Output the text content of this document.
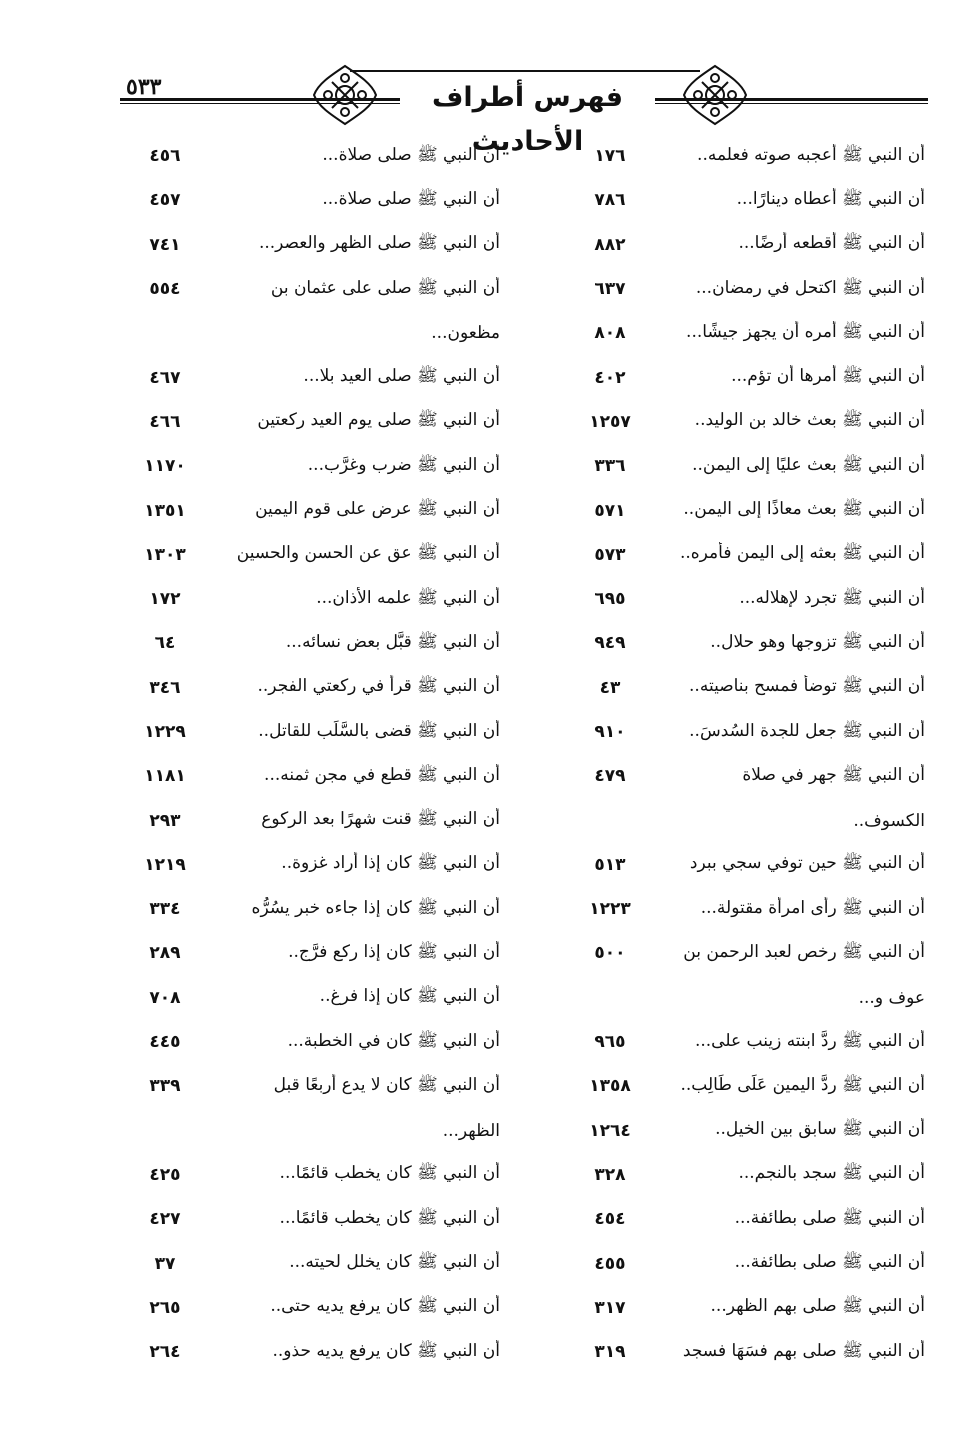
٥٣٣	فهرس أطراف الأحاديث	أن النبي ﷺ أعجبه صوته فعلمه..
١٧٦
أن النبي ﷺ أعطاه دينارًا...
٧٨٦
أن النبي ﷺ أقطعه أرضًا...
٨٨٢
أن النبي ﷺ اكتحل في رمضان...
٦٣٧
أن النبي ﷺ أمره أن يجهز جيشًا...
٨٠٨
أن النبي ﷺ أمرها أن تؤم...
٤٠٢
أن النبي ﷺ بعث خالد بن الوليد..
١٢٥٧
أن النبي ﷺ بعث عليًا إلى اليمن..
٣٣٦
أن النبي ﷺ بعث معاذًا إلى اليمن..
٥٧١
أن النبي ﷺ بعثه إلى اليمن فأمره..
٥٧٣
أن النبي ﷺ تجرد لإهلاله...
٦٩٥
أن النبي ﷺ تزوجها وهو حلال..
٩٤٩
أن النبي ﷺ توضأ فمسح بناصيته..
٤٣
أن النبي ﷺ جعل للجدة السُدسَ..
٩١٠
أن النبي ﷺ جهر في صلاة
٤٧٩
الكسوف..
أن النبي ﷺ حين توفي سجي ببرد
٥١٣
أن النبي ﷺ رأى امرأة مقتولة...
١٢٢٣
أن النبي ﷺ رخص لعبد الرحمن بن
٥٠٠
عوف و...
أن النبي ﷺ ردَّ ابنته زينب على...
٩٦٥
أن النبي ﷺ ردَّ اليمين عَلَى طَالِب..
١٣٥٨
أن النبي ﷺ سابق بين الخيل..
١٢٦٤
أن النبي ﷺ سجد بالنجم...
٣٢٨
أن النبي ﷺ صلى بطائفة...
٤٥٤
أن النبي ﷺ صلى بطائفة...
٤٥٥
أن النبي ﷺ صلى بهم الظهر...
٣١٧
أن النبي ﷺ صلى بهم فسَهَا فسجد
٣١٩
أن النبي ﷺ صلى صلاة...
٤٥٦
أن النبي ﷺ صلى صلاة...
٤٥٧
أن النبي ﷺ صلى الظهر والعصر...
٧٤١
أن النبي ﷺ صلى على عثمان بن
٥٥٤
مظعون...
أن النبي ﷺ صلى العيد بلا...
٤٦٧
أن النبي ﷺ صلى يوم العيد ركعتين
٤٦٦
أن النبي ﷺ ضرب وغرَّب...
١١٧٠
أن النبي ﷺ عرض على قوم اليمين
١٣٥١
أن النبي ﷺ عق عن الحسن والحسين
١٣٠٣
أن النبي ﷺ علمه الأذان...
١٧٢
أن النبي ﷺ قبَّل بعض نسائه...
٦٤
أن النبي ﷺ قرأ في ركعتي الفجر..
٣٤٦
أن النبي ﷺ قضى بالسَّلَب للقاتل..
١٢٢٩
أن النبي ﷺ قطع في مجن ثمنه...
١١٨١
أن النبي ﷺ قنت شهرًا بعد الركوع
٢٩٣
أن النبي ﷺ كان إذا أراد غزوة..
١٢١٩
أن النبي ﷺ كان إذا جاءه خبر يسُرُّه
٣٣٤
أن النبي ﷺ كان إذا ركع فرَّج..
٢٨٩
أن النبي ﷺ كان إذا فرغ..
٧٠٨
أن النبي ﷺ كان في الخطبة...
٤٤٥
أن النبي ﷺ كان لا يدع أربعًا قبل
٣٣٩
الظهر...
أن النبي ﷺ كان يخطب قائمًا...
٤٢٥
أن النبي ﷺ كان يخطب قائمًا...
٤٢٧
أن النبي ﷺ كان يخلل لحيته...
٣٧
أن النبي ﷺ كان يرفع يديه حتى..
٢٦٥
أن النبي ﷺ كان يرفع يديه حذو..
٢٦٤
